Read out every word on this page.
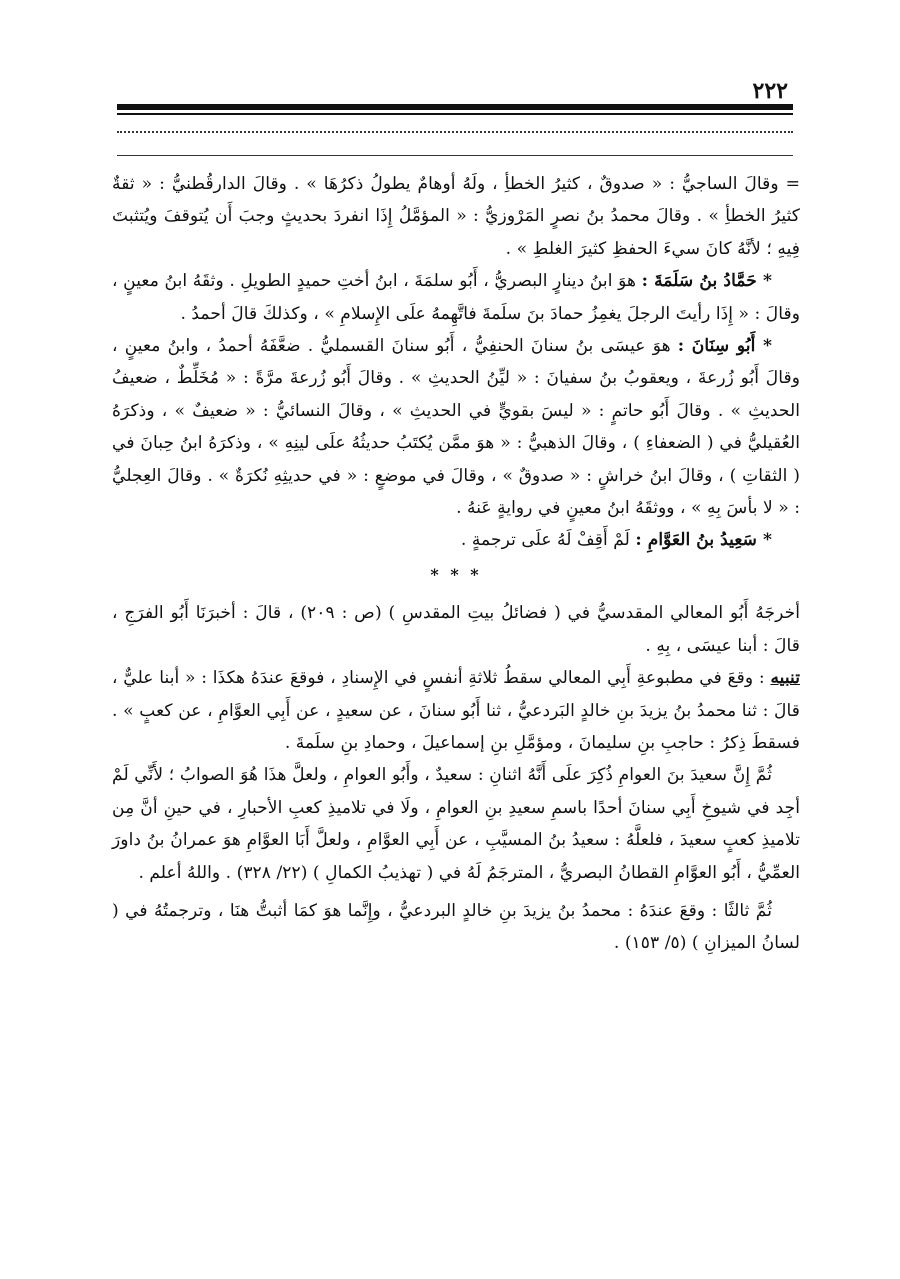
٢٢٢

= وقالَ الساجيُّ : « صدوقٌ ، كثيرُ الخطأِ ، ولَهُ أوهامٌ يطولُ ذكرُهَا » . وقالَ الدارقُطنيُّ : « ثقةٌ كثيرُ الخطأِ » . وقالَ محمدُ بنُ نصرٍ المَرْوزيُّ : « المؤمَّلُ إِذَا انفردَ بحديثٍ وجبَ أَن يُتوقفَ ويُتثبتَ فِيهِ ؛ لأنَّهُ كانَ سيءَ الحفظِ كثيرَ الغلطِ » .

* حَمَّادُ بنُ سَلَمَةَ : هوَ ابنُ دينارٍ البصريُّ ، أَبُو سلمَةَ ، ابنُ أختِ حميدٍ الطويلِ . وثقَهُ ابنُ معينٍ ، وقالَ : « إِذَا رأيتَ الرجلَ يغمِزُ حمادَ بنَ سلَمةَ فاتَّهِمهُ علَى الإِسلامِ » ، وكذلكَ قالَ أحمدُ .

* أَبُو سِنَانَ : هوَ عيسَى بنُ سنانَ الحنفِيُّ ، أَبُو سنانَ القسمليُّ . ضعَّفَهُ أحمدُ ، وابنُ معينٍ ، وقالَ أَبُو زُرعةَ ، ويعقوبُ بنُ سفيانَ : « ليِّنُ الحديثِ » . وقالَ أَبُو زُرعةَ مرَّةً : « مُخَلِّطٌ ، ضعيفُ الحديثِ » . وقالَ أَبُو حاتمٍ : « ليسَ بقويٍّ في الحديثِ » ، وقالَ النسائيُّ : « ضعيفٌ » ، وذكرَهُ العُقيليُّ في ( الضعفاءِ ) ، وقالَ الذهبيُّ : « هوَ ممَّن يُكتَبُ حديثُهُ علَى لينِهِ » ، وذكرَهُ ابنُ حِبانَ في ( الثقاتِ ) ، وقالَ ابنُ خراشٍ : « صدوقٌ » ، وقالَ في موضعٍ : « في حديثِهِ نُكرَةٌ » . وقالَ العِجليُّ : « لا بأسَ بِهِ » ، ووثقَهُ ابنُ معينٍ في روايةٍ عَنهُ .

* سَعِيدُ بنُ العَوَّامِ : لَمْ أَقِفْ لَهُ علَى ترجمةٍ .

* * *

أخرجَهُ أَبُو المعالي المقدسيُّ في ( فضائلُ بيتِ المقدسِ ) (ص : ٢٠٩) ، قالَ : أخبرَنَا أَبُو الفرَجِ ، قالَ : أبنا عيسَى ، بِهِ .

تنبيه : وقعَ في مطبوعةِ أَبِي المعالي سقطُ ثلاثةِ أنفسٍ في الإِسنادِ ، فوقعَ عندَهُ هكذَا : « أبنا عليٌّ ، قالَ : ثنا محمدُ بنُ يزيدَ بنِ خالدٍ البَردعيُّ ، ثنا أَبُو سنانَ ، عن سعيدٍ ، عن أَبِي العوَّامِ ، عن كعبٍ » . فسقطَ ذِكرُ : حاجبِ بنِ سليمانَ ، ومؤمَّلِ بنِ إسماعيلَ ، وحمادِ بنِ سلَمةَ .

ثُمَّ إِنَّ سعيدَ بنَ العوامِ ذُكِرَ علَى أَنَّهُ اثنانِ : سعيدٌ ، وأَبُو العوامِ ، ولعلَّ هذَا هُوَ الصوابُ ؛ لأَنِّي لَمْ أجِد في شيوخِ أَبِي سنانَ أحدًا باسمِ سعيدِ بنِ العوامِ ، ولَا في تلاميذِ كعبِ الأحبارِ ، في حينِ أنَّ مِن تلاميذِ كعبٍ سعيدَ ، فلعلَّهُ : سعيدُ بنُ المسيَّبِ ، عن أَبِي العوَّامِ ، ولعلَّ أَبَا العوَّامِ هوَ عمرانُ بنُ داورَ العمِّيُّ ، أَبُو العوَّامِ القطانُ البصريُّ ، المترجَمُ لَهُ في ( تهذيبُ الكمالِ ) (٢٢/ ٣٢٨) . واللهُ أعلم .

ثُمَّ ثالثًا : وقعَ عندَهُ : محمدُ بنُ يزيدَ بنِ خالدٍ البردعيُّ ، وإِنَّما هوَ كمَا أثبتُّ هنَا ، وترجمتُهُ في ( لسانُ الميزانِ ) (٥/ ١٥٣) .
